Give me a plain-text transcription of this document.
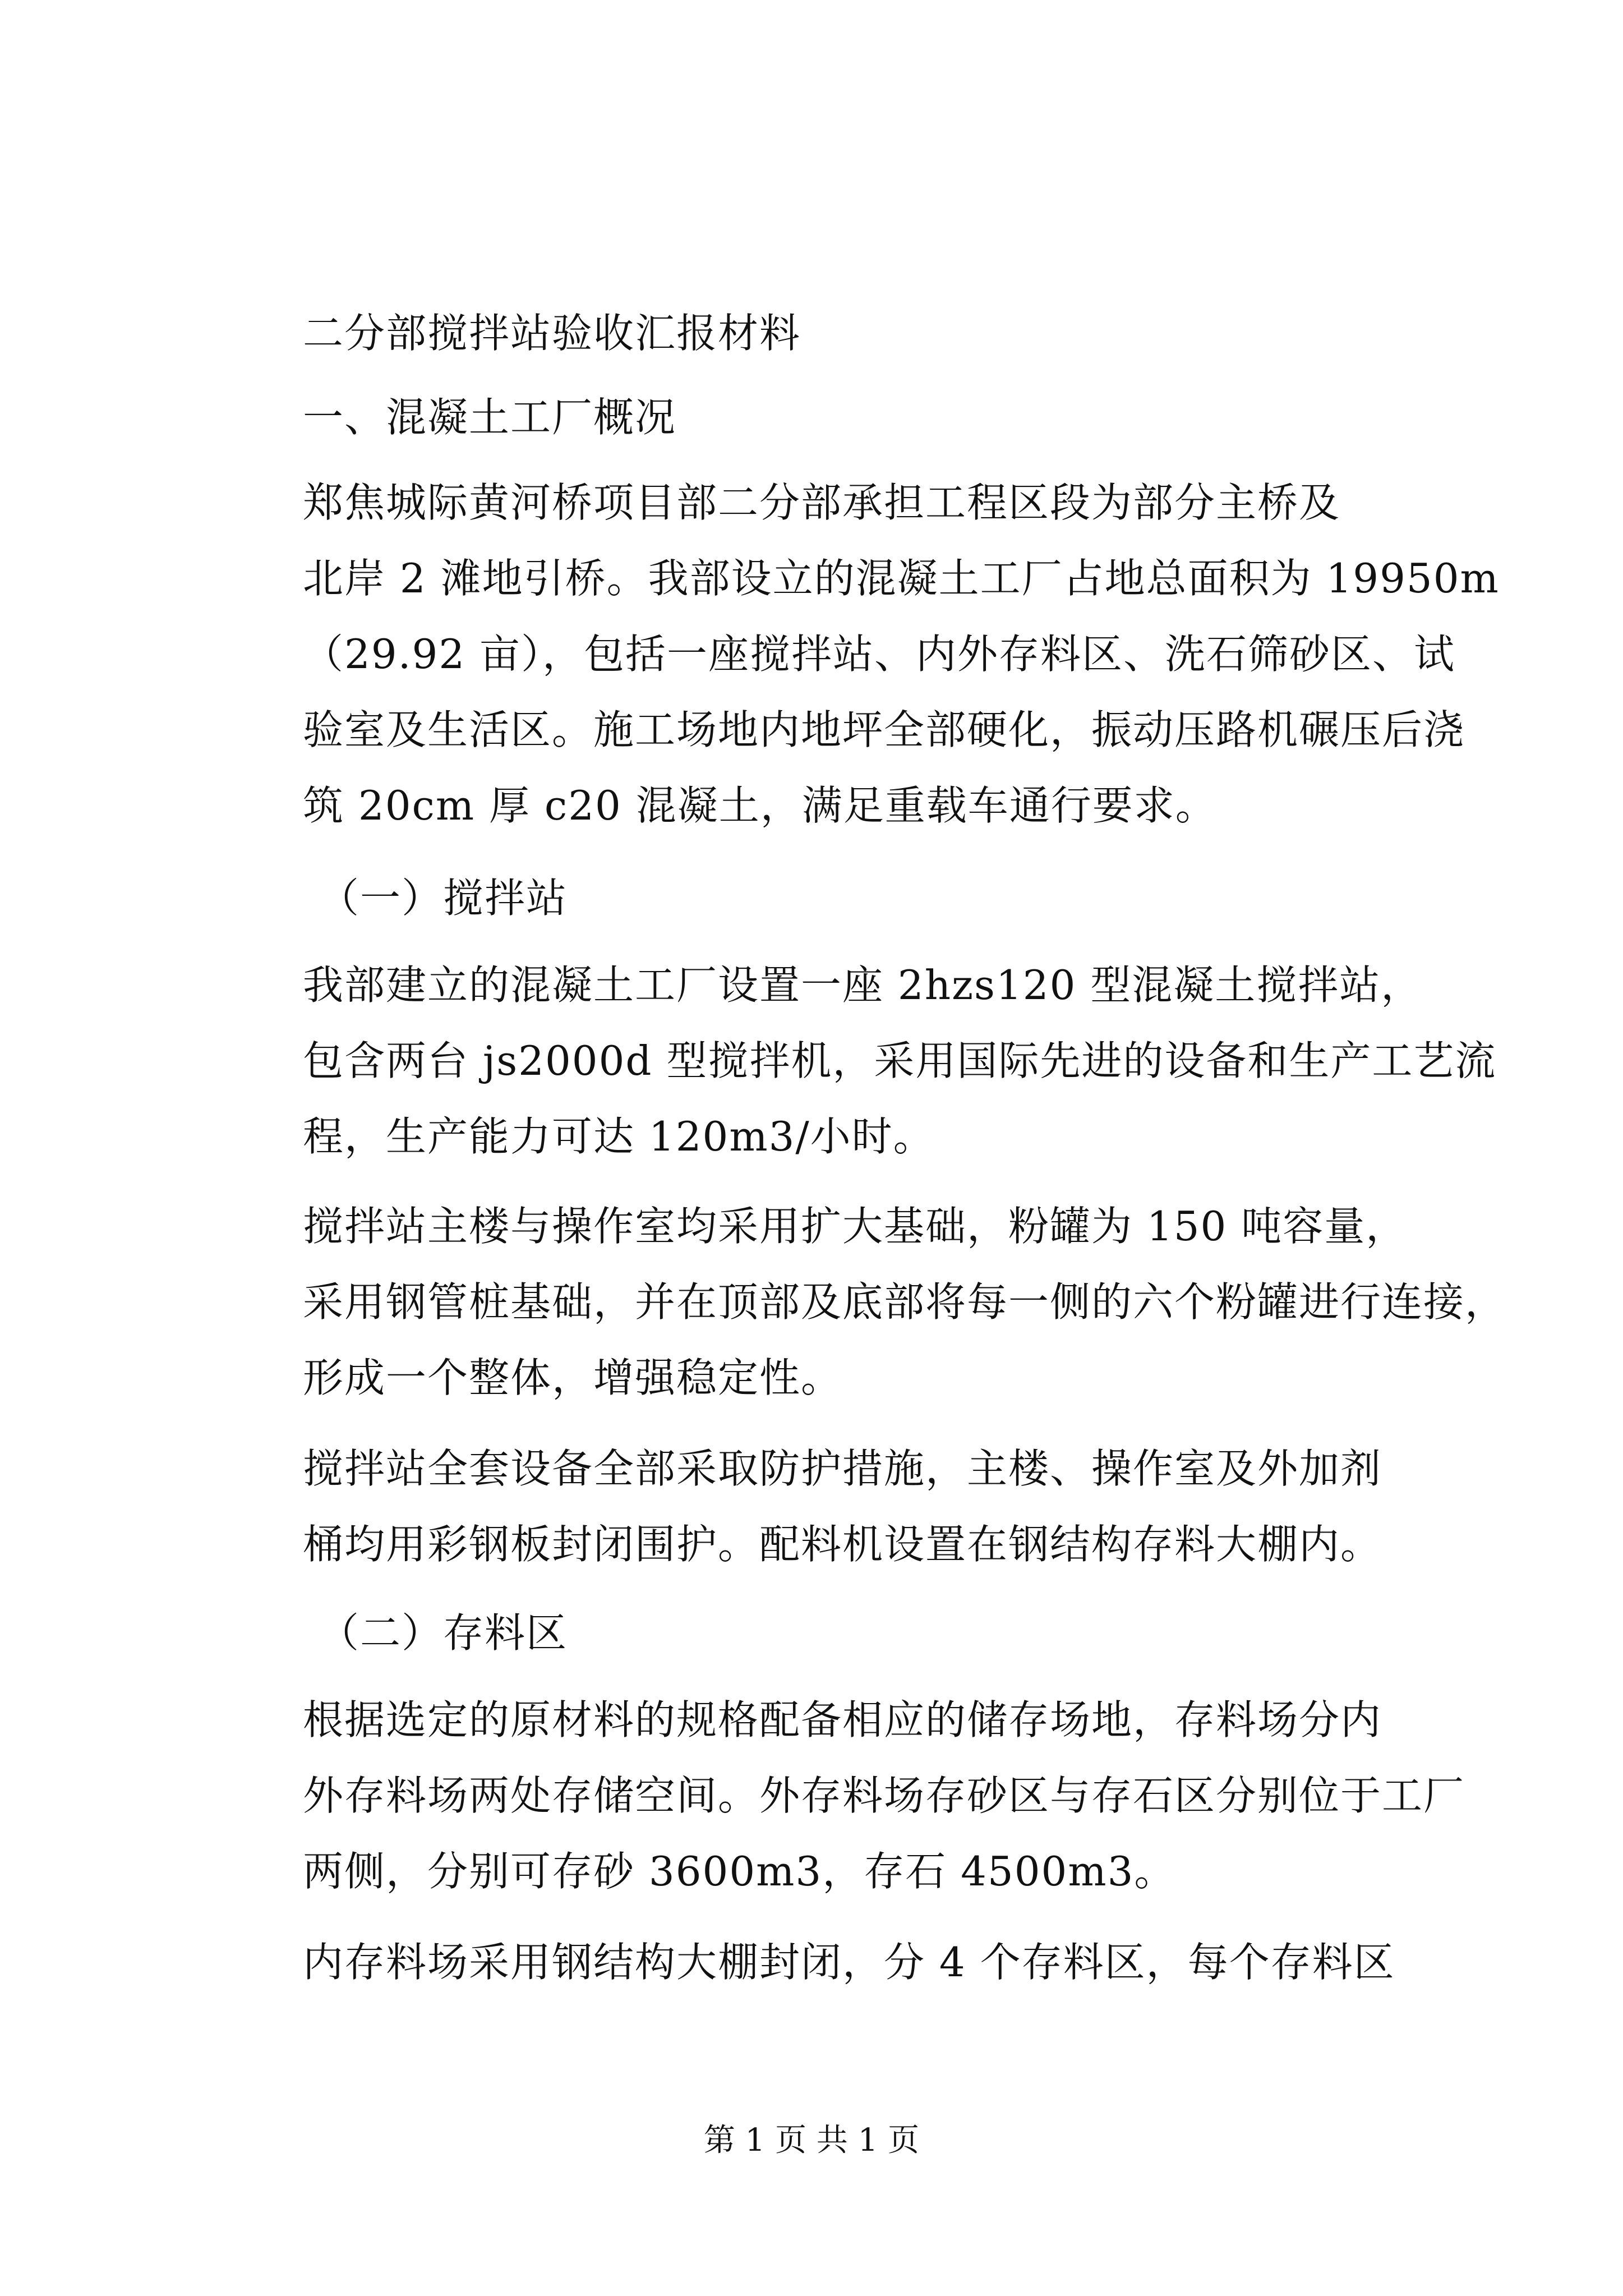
二分部搅拌站验收汇报材料
一、混凝土工厂概况
郑焦城际黄河桥项目部二分部承担工程区段为部分主桥及
北岸 2 滩地引桥。我部设立的混凝土工厂占地总面积为 19950m
（29.92 亩），包括一座搅拌站、内外存料区、洗石筛砂区、试
验室及生活区。施工场地内地坪全部硬化，振动压路机碾压后浇
筑 20cm 厚 c20 混凝土，满足重载车通行要求。
（一）搅拌站
我部建立的混凝土工厂设置一座 2hzs120 型混凝土搅拌站，
包含两台 js2000d 型搅拌机，采用国际先进的设备和生产工艺流
程，生产能力可达 120m3/小时。
搅拌站主楼与操作室均采用扩大基础，粉罐为 150 吨容量，
采用钢管桩基础，并在顶部及底部将每一侧的六个粉罐进行连接，
形成一个整体，增强稳定性。
搅拌站全套设备全部采取防护措施，主楼、操作室及外加剂
桶均用彩钢板封闭围护。配料机设置在钢结构存料大棚内。
（二）存料区
根据选定的原材料的规格配备相应的储存场地，存料场分内
外存料场两处存储空间。外存料场存砂区与存石区分别位于工厂
两侧，分别可存砂 3600m3，存石 4500m3。
内存料场采用钢结构大棚封闭，分 4 个存料区，每个存料区
第 1 页 共 1 页
